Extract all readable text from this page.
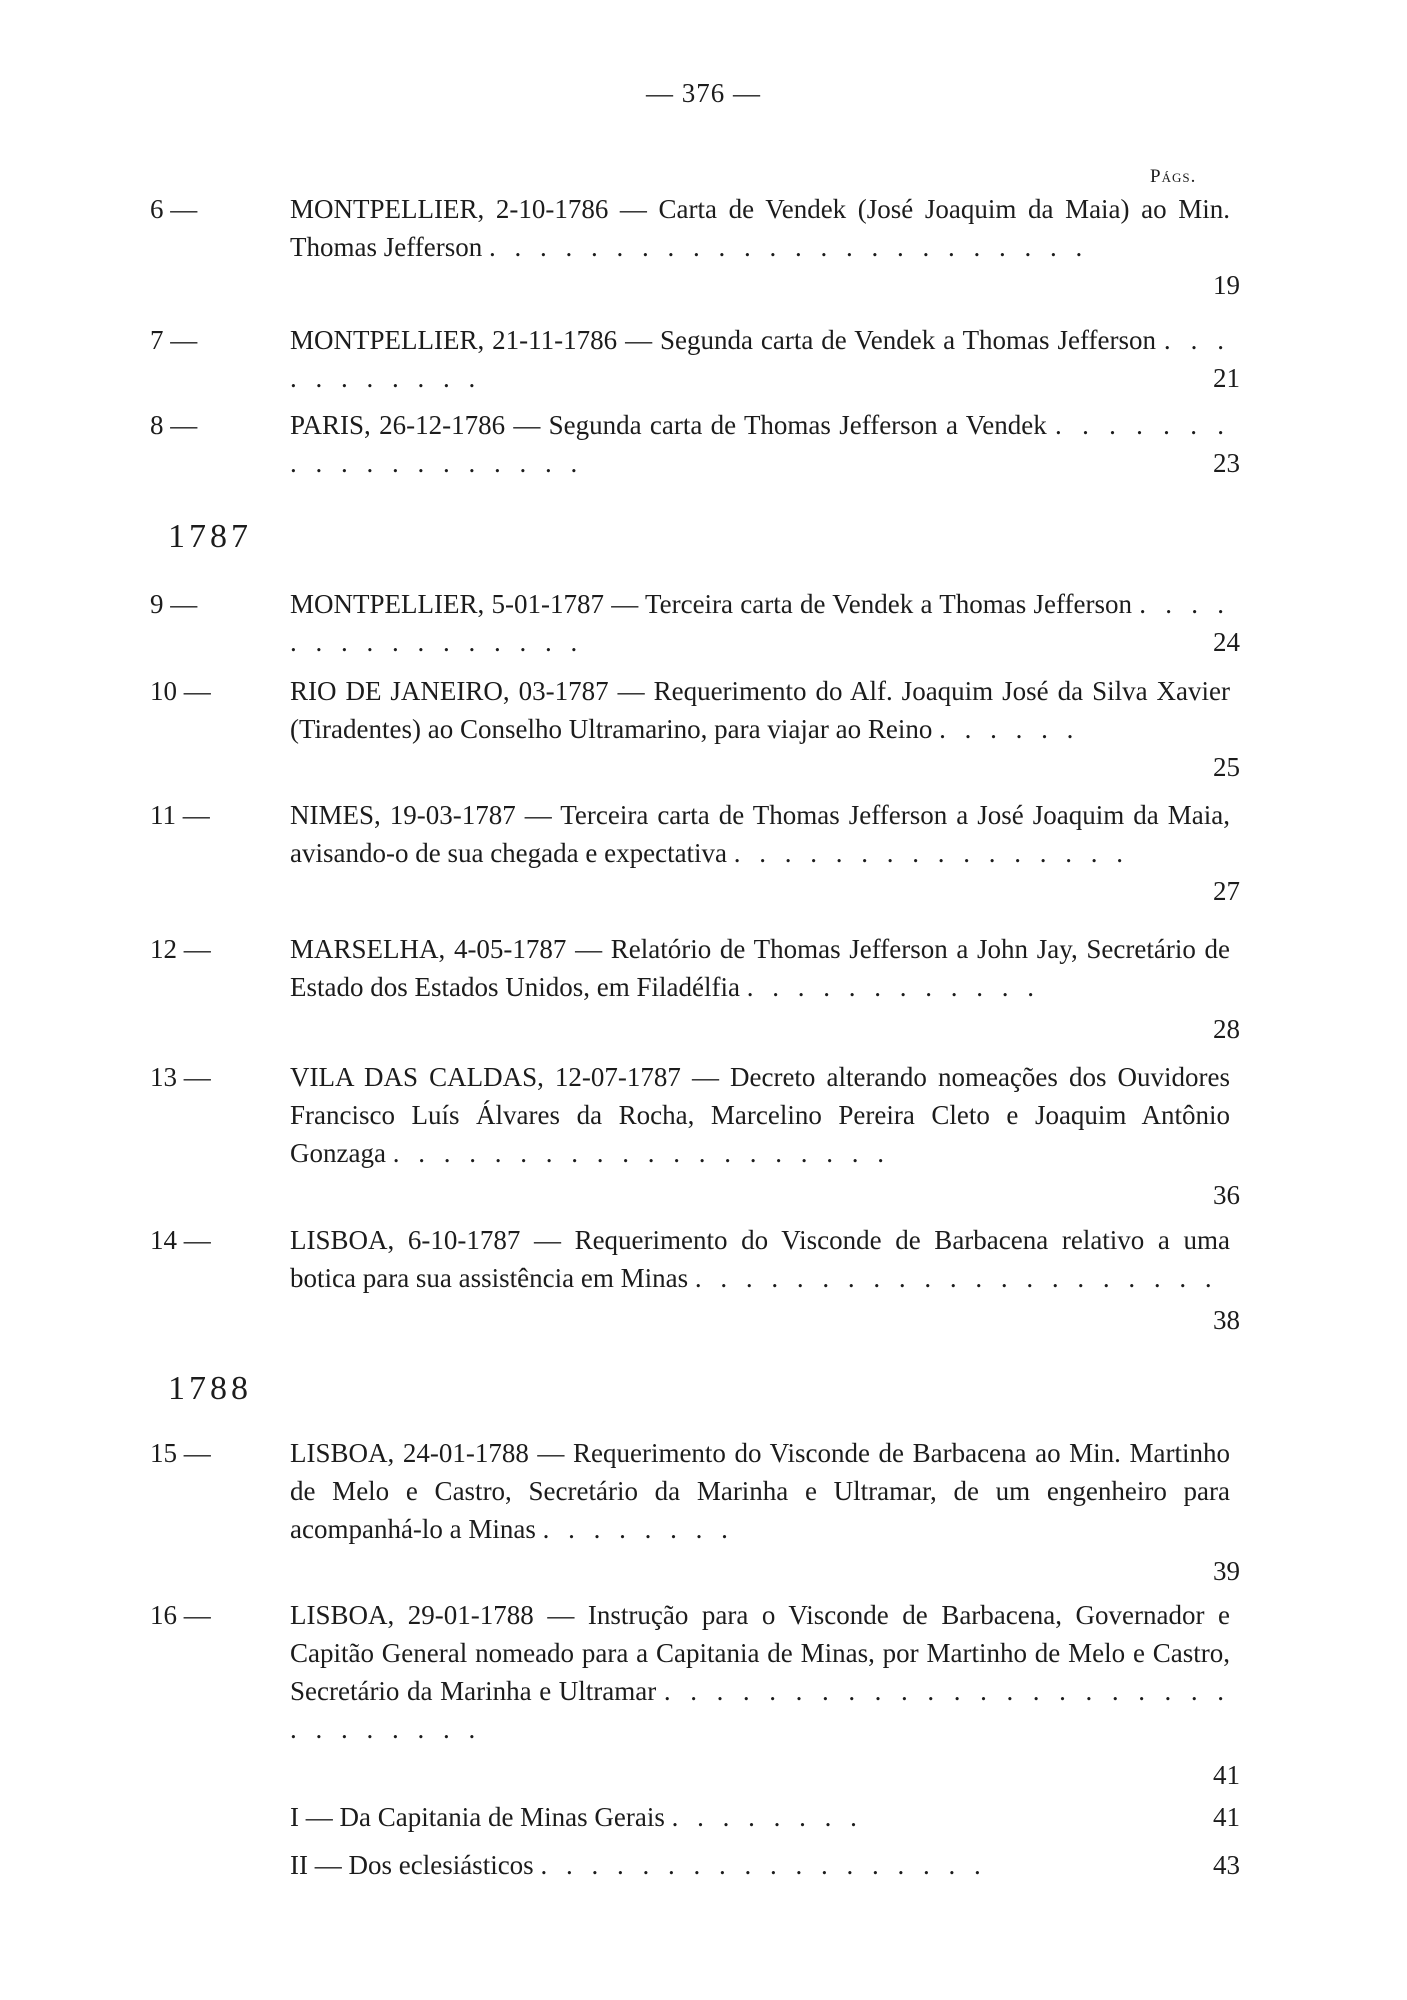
— 376 —
Págs.
6 —	MONTPELLIER, 2-10-1786 — Carta de Vendek (José Joaquim da Maia) ao Min. Thomas Jefferson . . . . . . . . . . . . . . . . . . . . . . . .
19
7 —	MONTPELLIER, 21-11-1786 — Segunda carta de Vendek a Thomas Jefferson . . . . . . . . . . .	21
8 —	PARIS, 26-12-1786 — Segunda carta de Thomas Jefferson a Vendek . . . . . . . . . . . . . . . . . . .	23
1787
9 —	MONTPELLIER, 5-01-1787 — Terceira carta de Vendek a Thomas Jefferson . . . . . . . . . . . . . . . .	24
10 —	RIO DE JANEIRO, 03-1787 — Requerimento do Alf. Joaquim José da Silva Xavier (Tiradentes) ao Conselho Ultramarino, para viajar ao Reino . . . . . .
25
11 —	NIMES, 19-03-1787 — Terceira carta de Thomas Jefferson a José Joaquim da Maia, avisando-o de sua chegada e expectativa . . . . . . . . . . . . . . . .
27
12 —	MARSELHA, 4-05-1787 — Relatório de Thomas Jefferson a John Jay, Secretário de Estado dos Estados Unidos, em Filadélfia . . . . . . . . . . . .
28
13 —	VILA DAS CALDAS, 12-07-1787 — Decreto alterando nomeações dos Ouvidores Francisco Luís Álvares da Rocha, Marcelino Pereira Cleto e Joaquim Antônio Gonzaga . . . . . . . . . . . . . . . . . . . .
36
14 —	LISBOA, 6-10-1787 — Requerimento do Visconde de Barbacena relativo a uma botica para sua assistência em Minas . . . . . . . . . . . . . . . . . . . . .
38
1788
15 —	LISBOA, 24-01-1788 — Requerimento do Visconde de Barbacena ao Min. Martinho de Melo e Castro, Secretário da Marinha e Ultramar, de um engenheiro para acompanhá-lo a Minas . . . . . . . .
39
16 —	LISBOA, 29-01-1788 — Instrução para o Visconde de Barbacena, Governador e Capitão General nomeado para a Capitania de Minas, por Martinho de Melo e Castro, Secretário da Marinha e Ultramar . . . . . . . . . . . . . . . . . . . . . . . . . . . . . .
41
I — Da Capitania de Minas Gerais . . . . . . . .	41
II — Dos eclesiásticos . . . . . . . . . . . . . . . . . .	43
